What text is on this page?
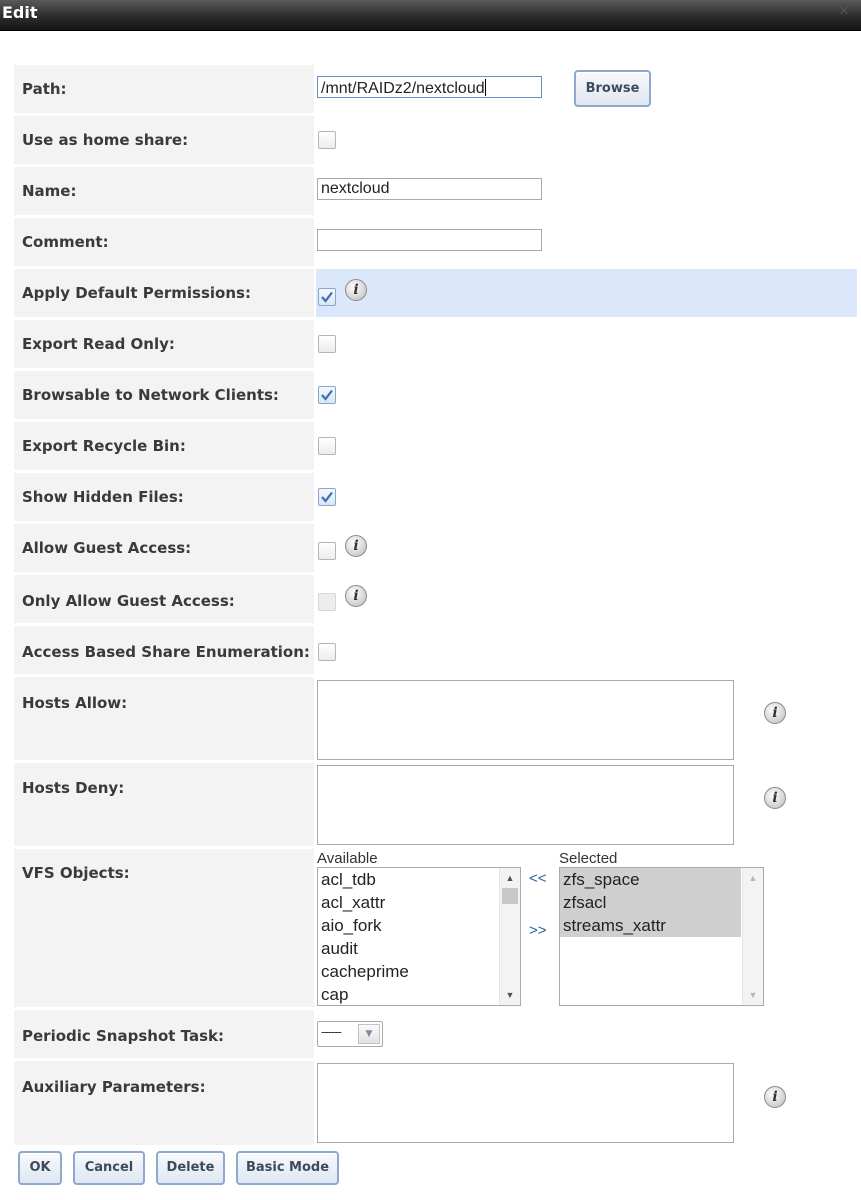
Edit	✕
Path:	/mnt/RAIDz2/nextcloud	Browse
Use as home share:
Name:	nextcloud
Comment:
Apply Default Permissions:	i
Export Read Only:
Browsable to Network Clients:
Export Recycle Bin:
Show Hidden Files:
Allow Guest Access:	i
Only Allow Guest Access:	i
Access Based Share Enumeration:
Hosts Allow:
i
Hosts Deny:
i
VFS Objects:
Available	Selected
acl_tdb
acl_xattr
aio_fork
audit
cacheprime
cap
▲
▼
<<
>>
zfs_space
zfsacl
streams_xattr
▲
▼
Periodic Snapshot Task:	------	▼
Auxiliary Parameters:
i
OK	Cancel	Delete	Basic Mode
